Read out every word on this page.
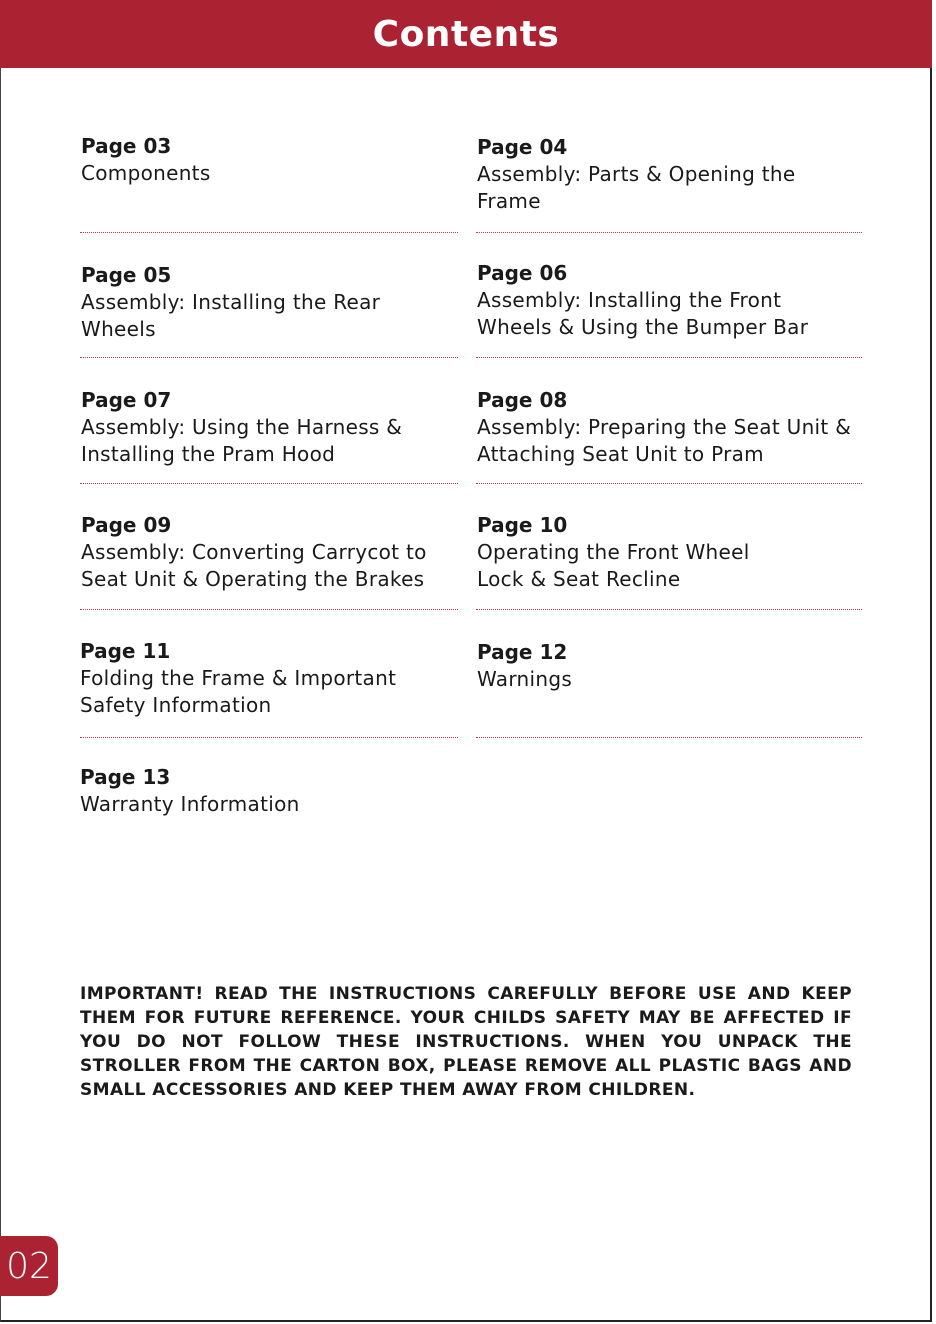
Contents
Page 03
Components
Page 04
Assembly: Parts & Opening the Frame
Page 05
Assembly: Installing the Rear Wheels
Page 06
Assembly: Installing the Front Wheels & Using the Bumper Bar
Page 07
Assembly: Using the Harness & Installing the Pram Hood
Page 08
Assembly: Preparing the Seat Unit & Attaching Seat Unit to Pram
Page 09
Assembly: Converting Carrycot to Seat Unit & Operating the Brakes
Page 10
Operating the Front Wheel Lock & Seat Recline
Page 11
Folding the Frame & Important Safety Information
Page 12
Warnings
Page 13
Warranty Information
IMPORTANT! READ THE INSTRUCTIONS CAREFULLY BEFORE USE AND KEEP THEM FOR FUTURE REFERENCE. YOUR CHILDS SAFETY MAY BE AFFECTED IF YOU DO NOT FOLLOW THESE INSTRUCTIONS. WHEN YOU UNPACK THE STROLLER FROM THE CARTON BOX, PLEASE REMOVE ALL PLASTIC BAGS AND SMALL ACCESSORIES AND KEEP THEM AWAY FROM CHILDREN.
02
